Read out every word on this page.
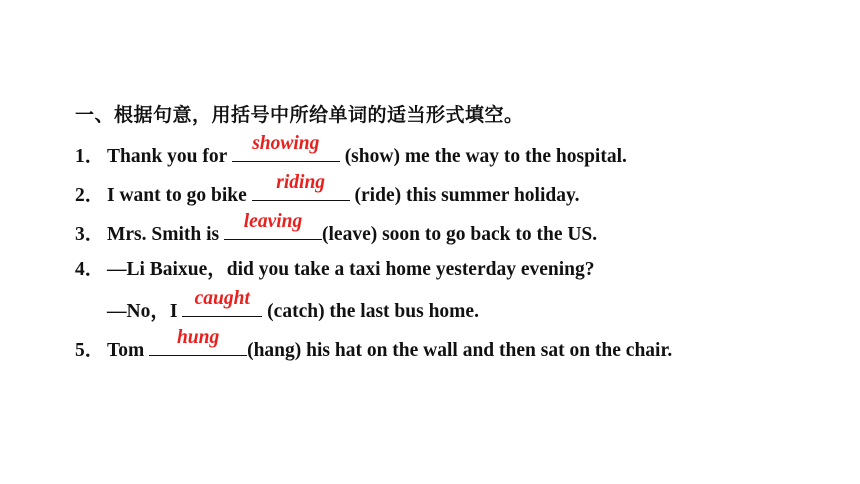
一、根据句意，用括号中所给单词的适当形式填空。
1． Thank you for
showing
(show) me the way to the hospital.
2． I want to go bike
riding
(ride) this summer holiday.
3． Mrs. Smith is
leaving
(leave) soon to go back to the US.
4． —Li Baixue，did you take a taxi home yesterday evening?
—No，I
caught
(catch) the last bus home.
5． Tom
hung
(hang) his hat on the wall and then sat on the chair.
